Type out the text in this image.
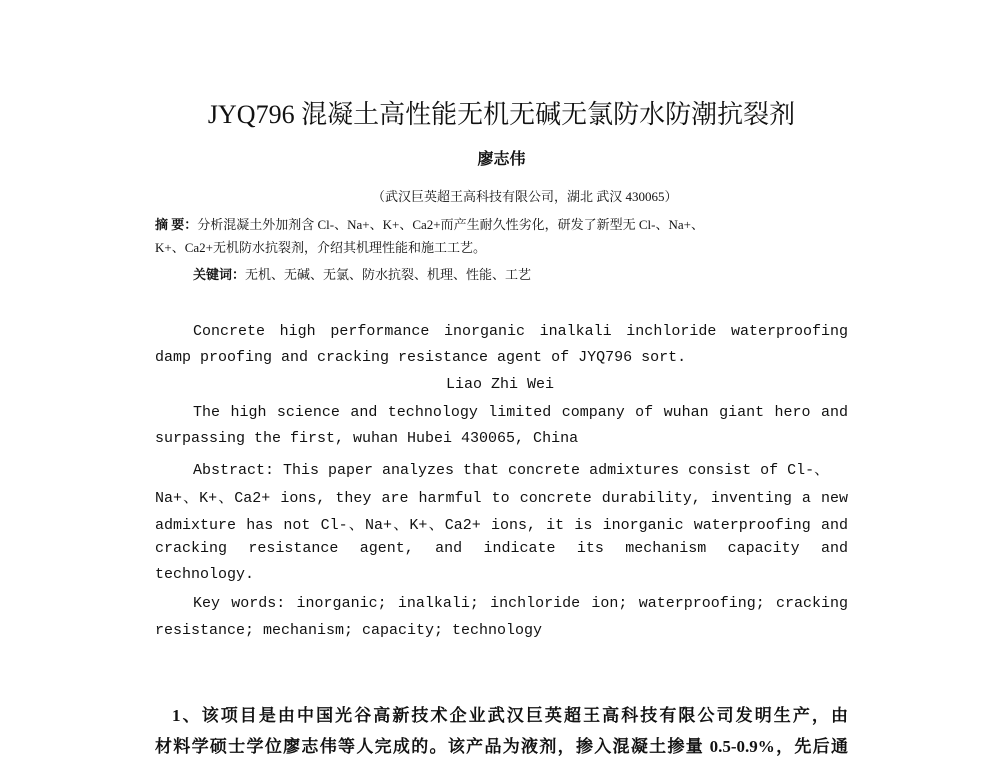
JYQ796 混凝土高性能无机无碱无氯防水防潮抗裂剂
廖志伟
（武汉巨英超王高科技有限公司，湖北 武汉 430065）
摘 要：分析混凝土外加剂含 Cl-、Na+、K+、Ca2+而产生耐久性劣化，研发了新型无 Cl-、Na+、
K+、Ca2+无机防水抗裂剂，介绍其机理性能和施工工艺。
关键词：无机、无碱、无氯、防水抗裂、机理、性能、工艺
Concrete high performance inorganic inalkali inchloride waterproofing
damp proofing and cracking resistance agent of JYQ796 sort.
Liao Zhi Wei
The high science and technology limited company of wuhan giant hero and
surpassing the first, wuhan Hubei 430065, China
Abstract: This paper analyzes that concrete admixtures consist of Cl-、
Na+、K+、Ca2+ ions, they are harmful to concrete durability, inventing a new
admixture has not Cl-、Na+、K+、Ca2+ ions, it is inorganic waterproofing and
cracking resistance agent, and indicate its mechanism capacity and
technology.
Key words: inorganic; inalkali; inchloride ion; waterproofing; cracking
resistance; mechanism; capacity; technology
1、该项目是由中国光谷高新技术企业武汉巨英超王高科技有限公司发明生产，由
材料学硕士学位廖志伟等人完成的。该产品为液剂，掺入混凝土掺量 0.5-0.9%，先后通
